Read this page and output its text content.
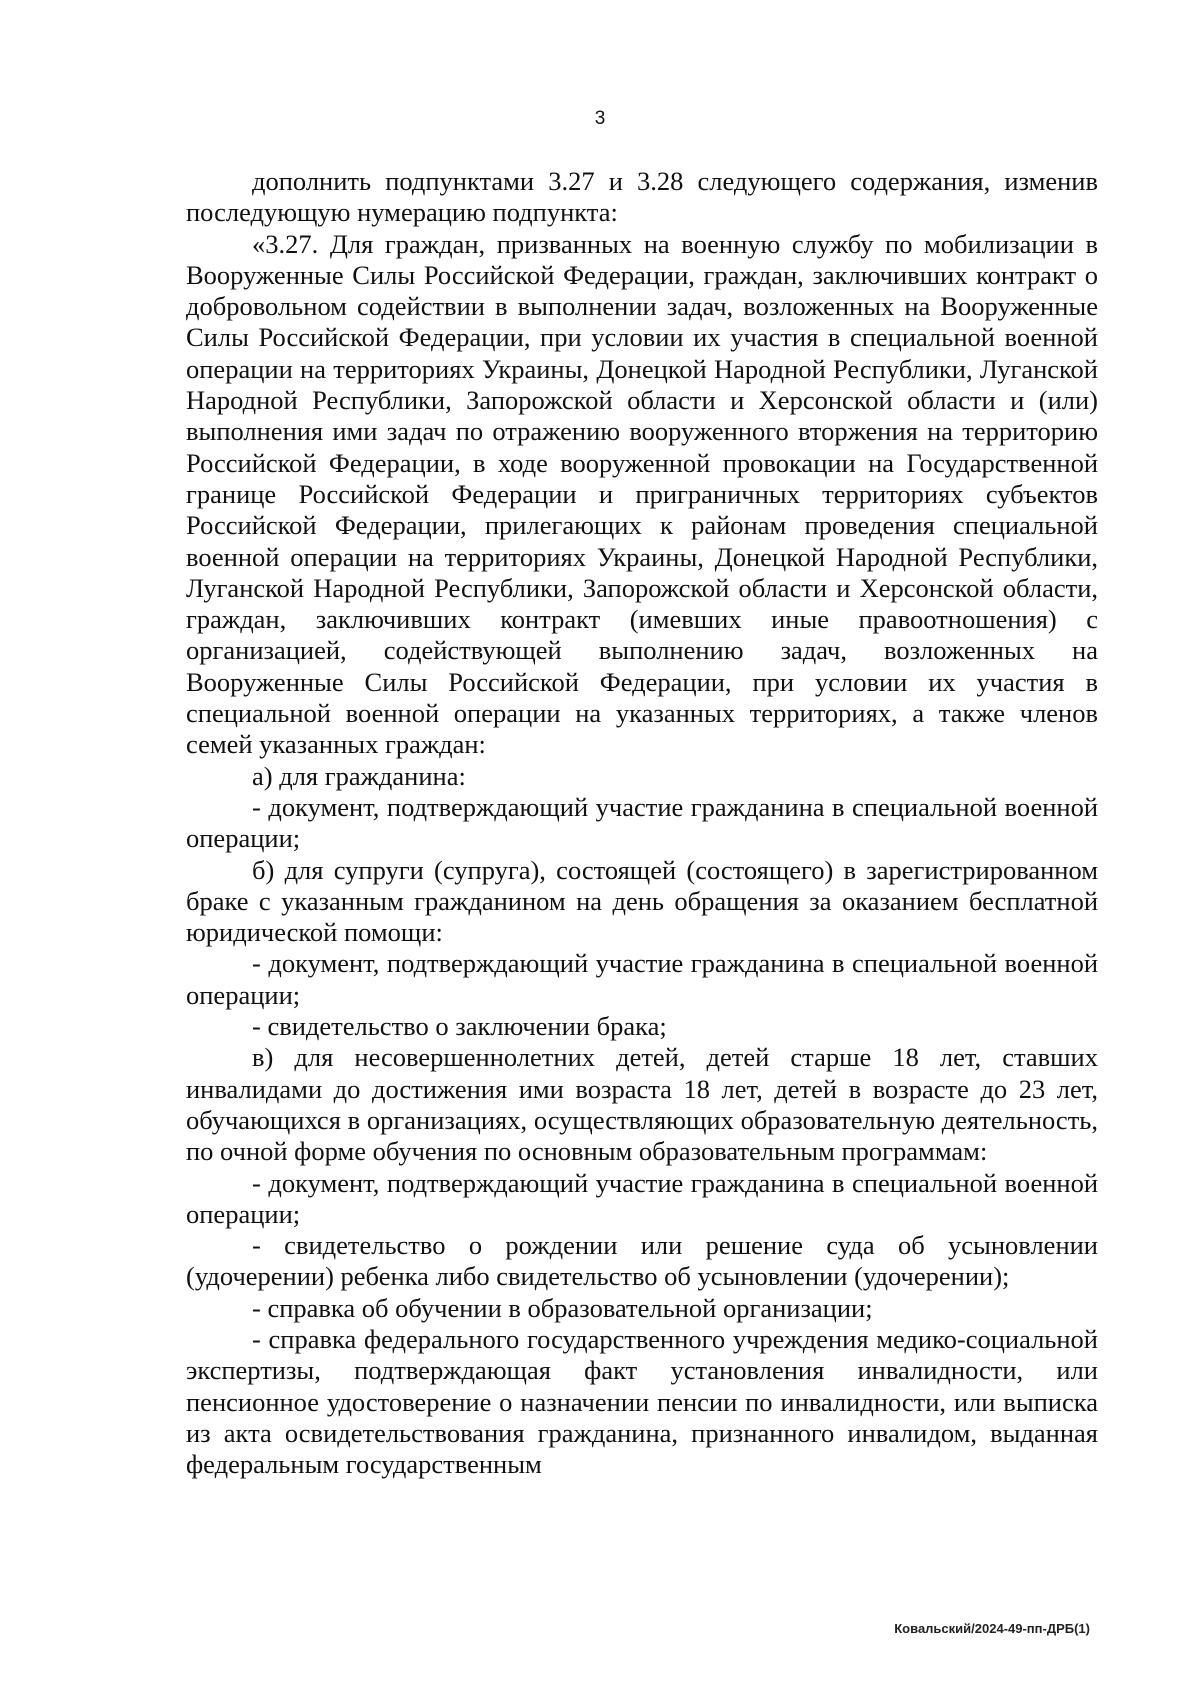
3

дополнить подпунктами 3.27 и 3.28 следующего содержания, изменив последующую нумерацию подпункта:

«3.27. Для граждан, призванных на военную службу по мобилизации в Вооруженные Силы Российской Федерации, граждан, заключивших контракт о добровольном содействии в выполнении задач, возложенных на Вооруженные Силы Российской Федерации, при условии их участия в специальной военной операции на территориях Украины, Донецкой Народной Республики, Луганской Народной Республики, Запорожской области и Херсонской области и (или) выполнения ими задач по отражению вооруженного вторжения на территорию Российской Федерации, в ходе вооруженной провокации на Государственной границе Российской Федерации и приграничных территориях субъектов Российской Федерации, прилегающих к районам проведения специальной военной операции на территориях Украины, Донецкой Народной Республики, Луганской Народной Республики, Запорожской области и Херсонской области, граждан, заключивших контракт (имевших иные правоотношения) с организацией, содействующей выполнению задач, возложенных на Вооруженные Силы Российской Федерации, при условии их участия в специальной военной операции на указанных территориях, а также членов семей указанных граждан:

а) для гражданина:

- документ, подтверждающий участие гражданина в специальной военной операции;

б) для супруги (супруга), состоящей (состоящего) в зарегистрированном браке с указанным гражданином на день обращения за оказанием бесплатной юридической помощи:

- документ, подтверждающий участие гражданина в специальной военной операции;

- свидетельство о заключении брака;

в) для несовершеннолетних детей, детей старше 18 лет, ставших инвалидами до достижения ими возраста 18 лет, детей в возрасте до 23 лет, обучающихся в организациях, осуществляющих образовательную деятельность, по очной форме обучения по основным образовательным программам:

- документ, подтверждающий участие гражданина в специальной военной операции;

- свидетельство о рождении или решение суда об усыновлении (удочерении) ребенка либо свидетельство об усыновлении (удочерении);

- справка об обучении в образовательной организации;

- справка федерального государственного учреждения медико-социальной экспертизы, подтверждающая факт установления инвалидности, или пенсионное удостоверение о назначении пенсии по инвалидности, или выписка из акта освидетельствования гражданина, признанного инвалидом, выданная федеральным государственным

Ковальский/2024-49-пп-ДРБ(1)
